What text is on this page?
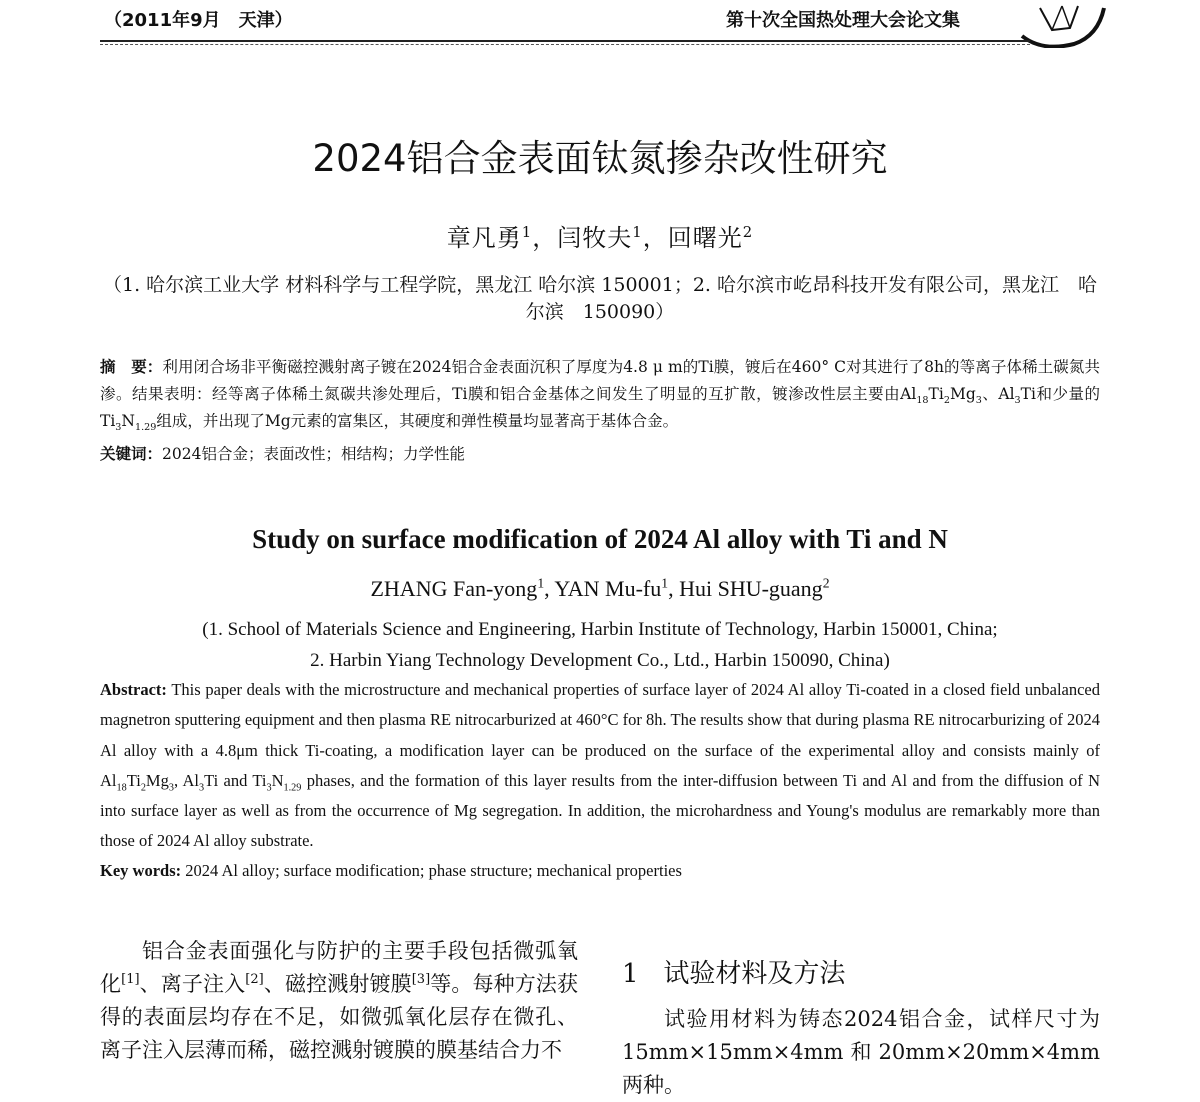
（2011年9月　天津）	第十次全国热处理大会论文集
2024铝合金表面钛氮掺杂改性研究
章凡勇$^1$，闫牧夫$^1$，回曙光$^2$
（1. 哈尔滨工业大学 材料科学与工程学院，黑龙江 哈尔滨 150001；2. 哈尔滨市屹昂科技开发有限公司，黑龙江　哈尔滨　150090）
摘　要：利用闭合场非平衡磁控溅射离子镀在2024铝合金表面沉积了厚度为4.8 μ m的Ti膜，镀后在460° C对其进行了8h的等离子体稀土碳氮共渗。结果表明：经等离子体稀土氮碳共渗处理后，Ti膜和铝合金基体之间发生了明显的互扩散，镀渗改性层主要由$Al_{18}Ti_2Mg_3$、$Al_3Ti$和少量的$Ti_3N_{1.29}$组成，并出现了Mg元素的富集区，其硬度和弹性模量均显著高于基体合金。
关键词：2024铝合金；表面改性；相结构；力学性能
Study on surface modification of 2024 Al alloy with Ti and N
ZHANG Fan-yong$^1$, YAN $Mu-fu^1$, Hui SHU-guang$^2$
(1. School of Materials Science and Engineering, Harbin Institute of Technology, Harbin 150001, China;
2. Harbin Yiang Technology Development Co., Ltd., Harbin 150090, China)
Abstract: This paper deals with the microstructure and mechanical properties of surface layer of 2024 Al alloy Ti-coated in a closed field unbalanced magnetron sputtering equipment and then plasma RE nitrocarburized at 460°C for 8h. The results show that during plasma RE nitrocarburizing of 2024 Al alloy with a 4.8μm thick Ti-coating, a modification layer can be produced on the surface of the experimental alloy and consists mainly of $Al_{18}Ti_2Mg_3$, $Al_3Ti$ and $Ti_3N_{1.29}$ phases, and the formation of this layer results from the inter-diffusion between Ti and Al and from the diffusion of N into surface layer as well as from the occurrence of Mg segregation. In addition, the microhardness and Young's modulus are remarkably more than those of 2024 Al alloy substrate.
Key words: 2024 Al alloy; surface modification; phase structure; mechanical properties

铝合金表面强化与防护的主要手段包括微弧氧化[1]、离子注入[2]、磁控溅射镀膜[3]等。每种方法获得的表面层均存在不足，如微弧氧化层存在微孔、离子注入层薄而稀，磁控溅射镀膜的膜基结合力不

1 试验材料及方法

试验用材料为铸态2024铝合金，试样尺寸为15mm×15mm×4mm和20mm×20mm×4mm两种。
